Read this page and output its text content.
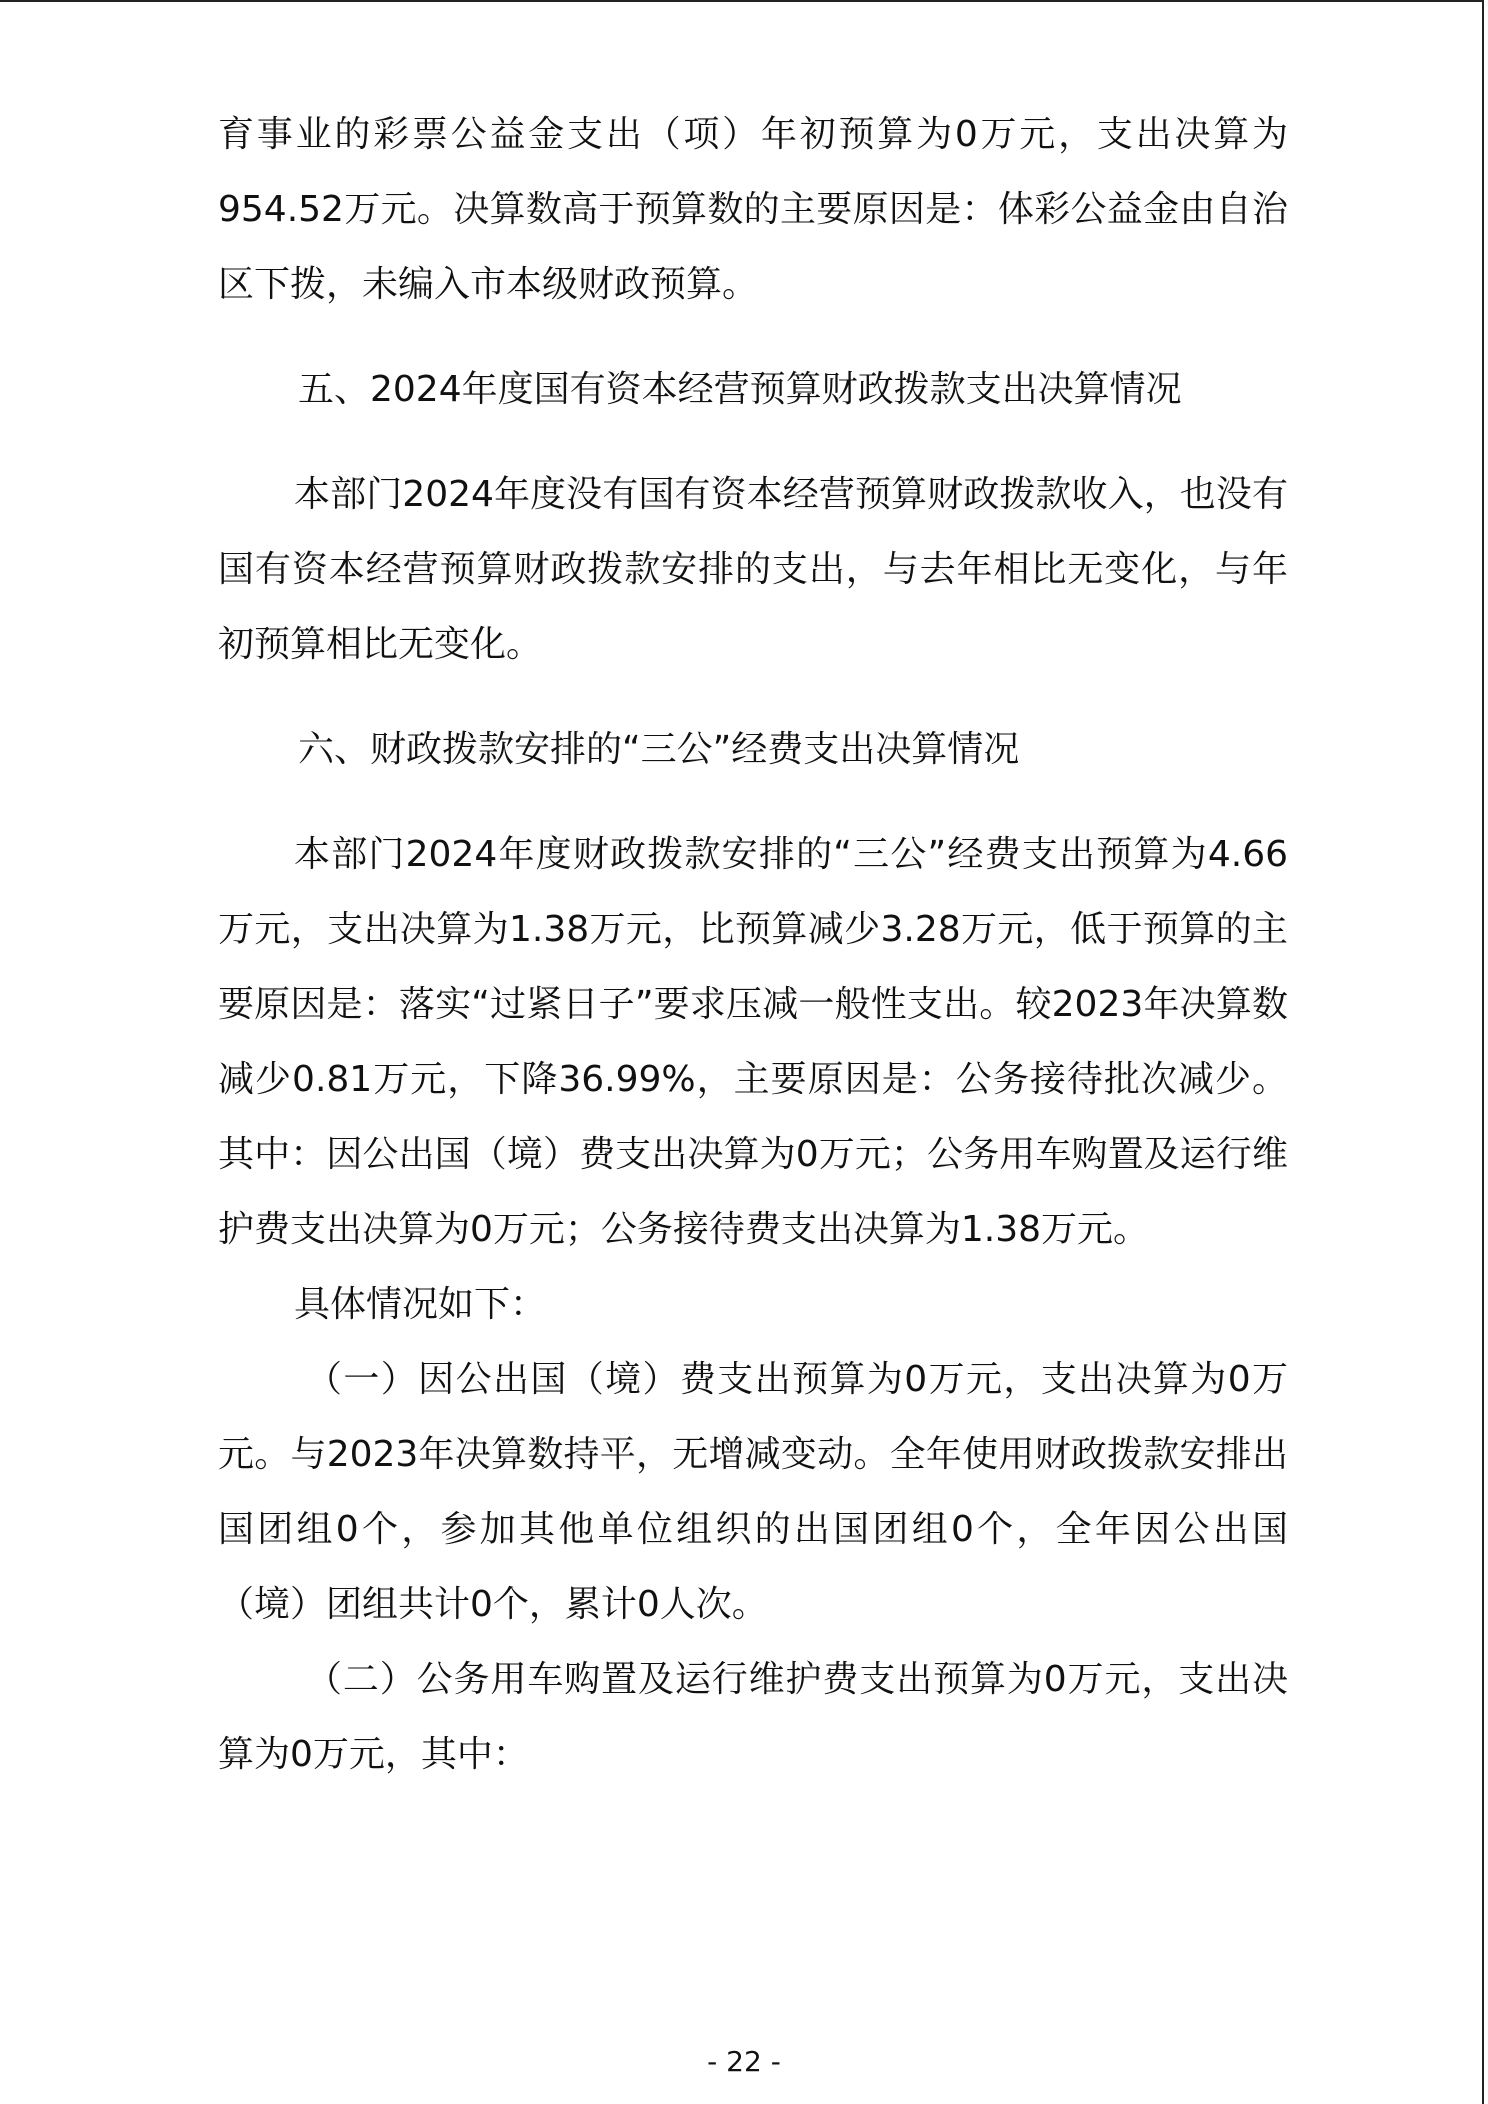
育事业的彩票公益金支出（项）年初预算为0万元，支出决算为954.52万元。决算数高于预算数的主要原因是：体彩公益金由自治区下拨，未编入市本级财政预算。

五、2024年度国有资本经营预算财政拨款支出决算情况

本部门2024年度没有国有资本经营预算财政拨款收入，也没有国有资本经营预算财政拨款安排的支出，与去年相比无变化，与年初预算相比无变化。

六、财政拨款安排的“三公”经费支出决算情况

本部门2024年度财政拨款安排的“三公”经费支出预算为4.66万元，支出决算为1.38万元，比预算减少3.28万元，低于预算的主要原因是：落实“过紧日子”要求压减一般性支出。较2023年决算数减少0.81万元，下降36.99%，主要原因是：公务接待批次减少。其中：因公出国（境）费支出决算为0万元；公务用车购置及运行维护费支出决算为0万元；公务接待费支出决算为1.38万元。

具体情况如下：

（一）因公出国（境）费支出预算为0万元，支出决算为0万元。与2023年决算数持平，无增减变动。全年使用财政拨款安排出国团组0个，参加其他单位组织的出国团组0个，全年因公出国（境）团组共计0个，累计0人次。

（二）公务用车购置及运行维护费支出预算为0万元，支出决算为0万元，其中：

- 22 -
